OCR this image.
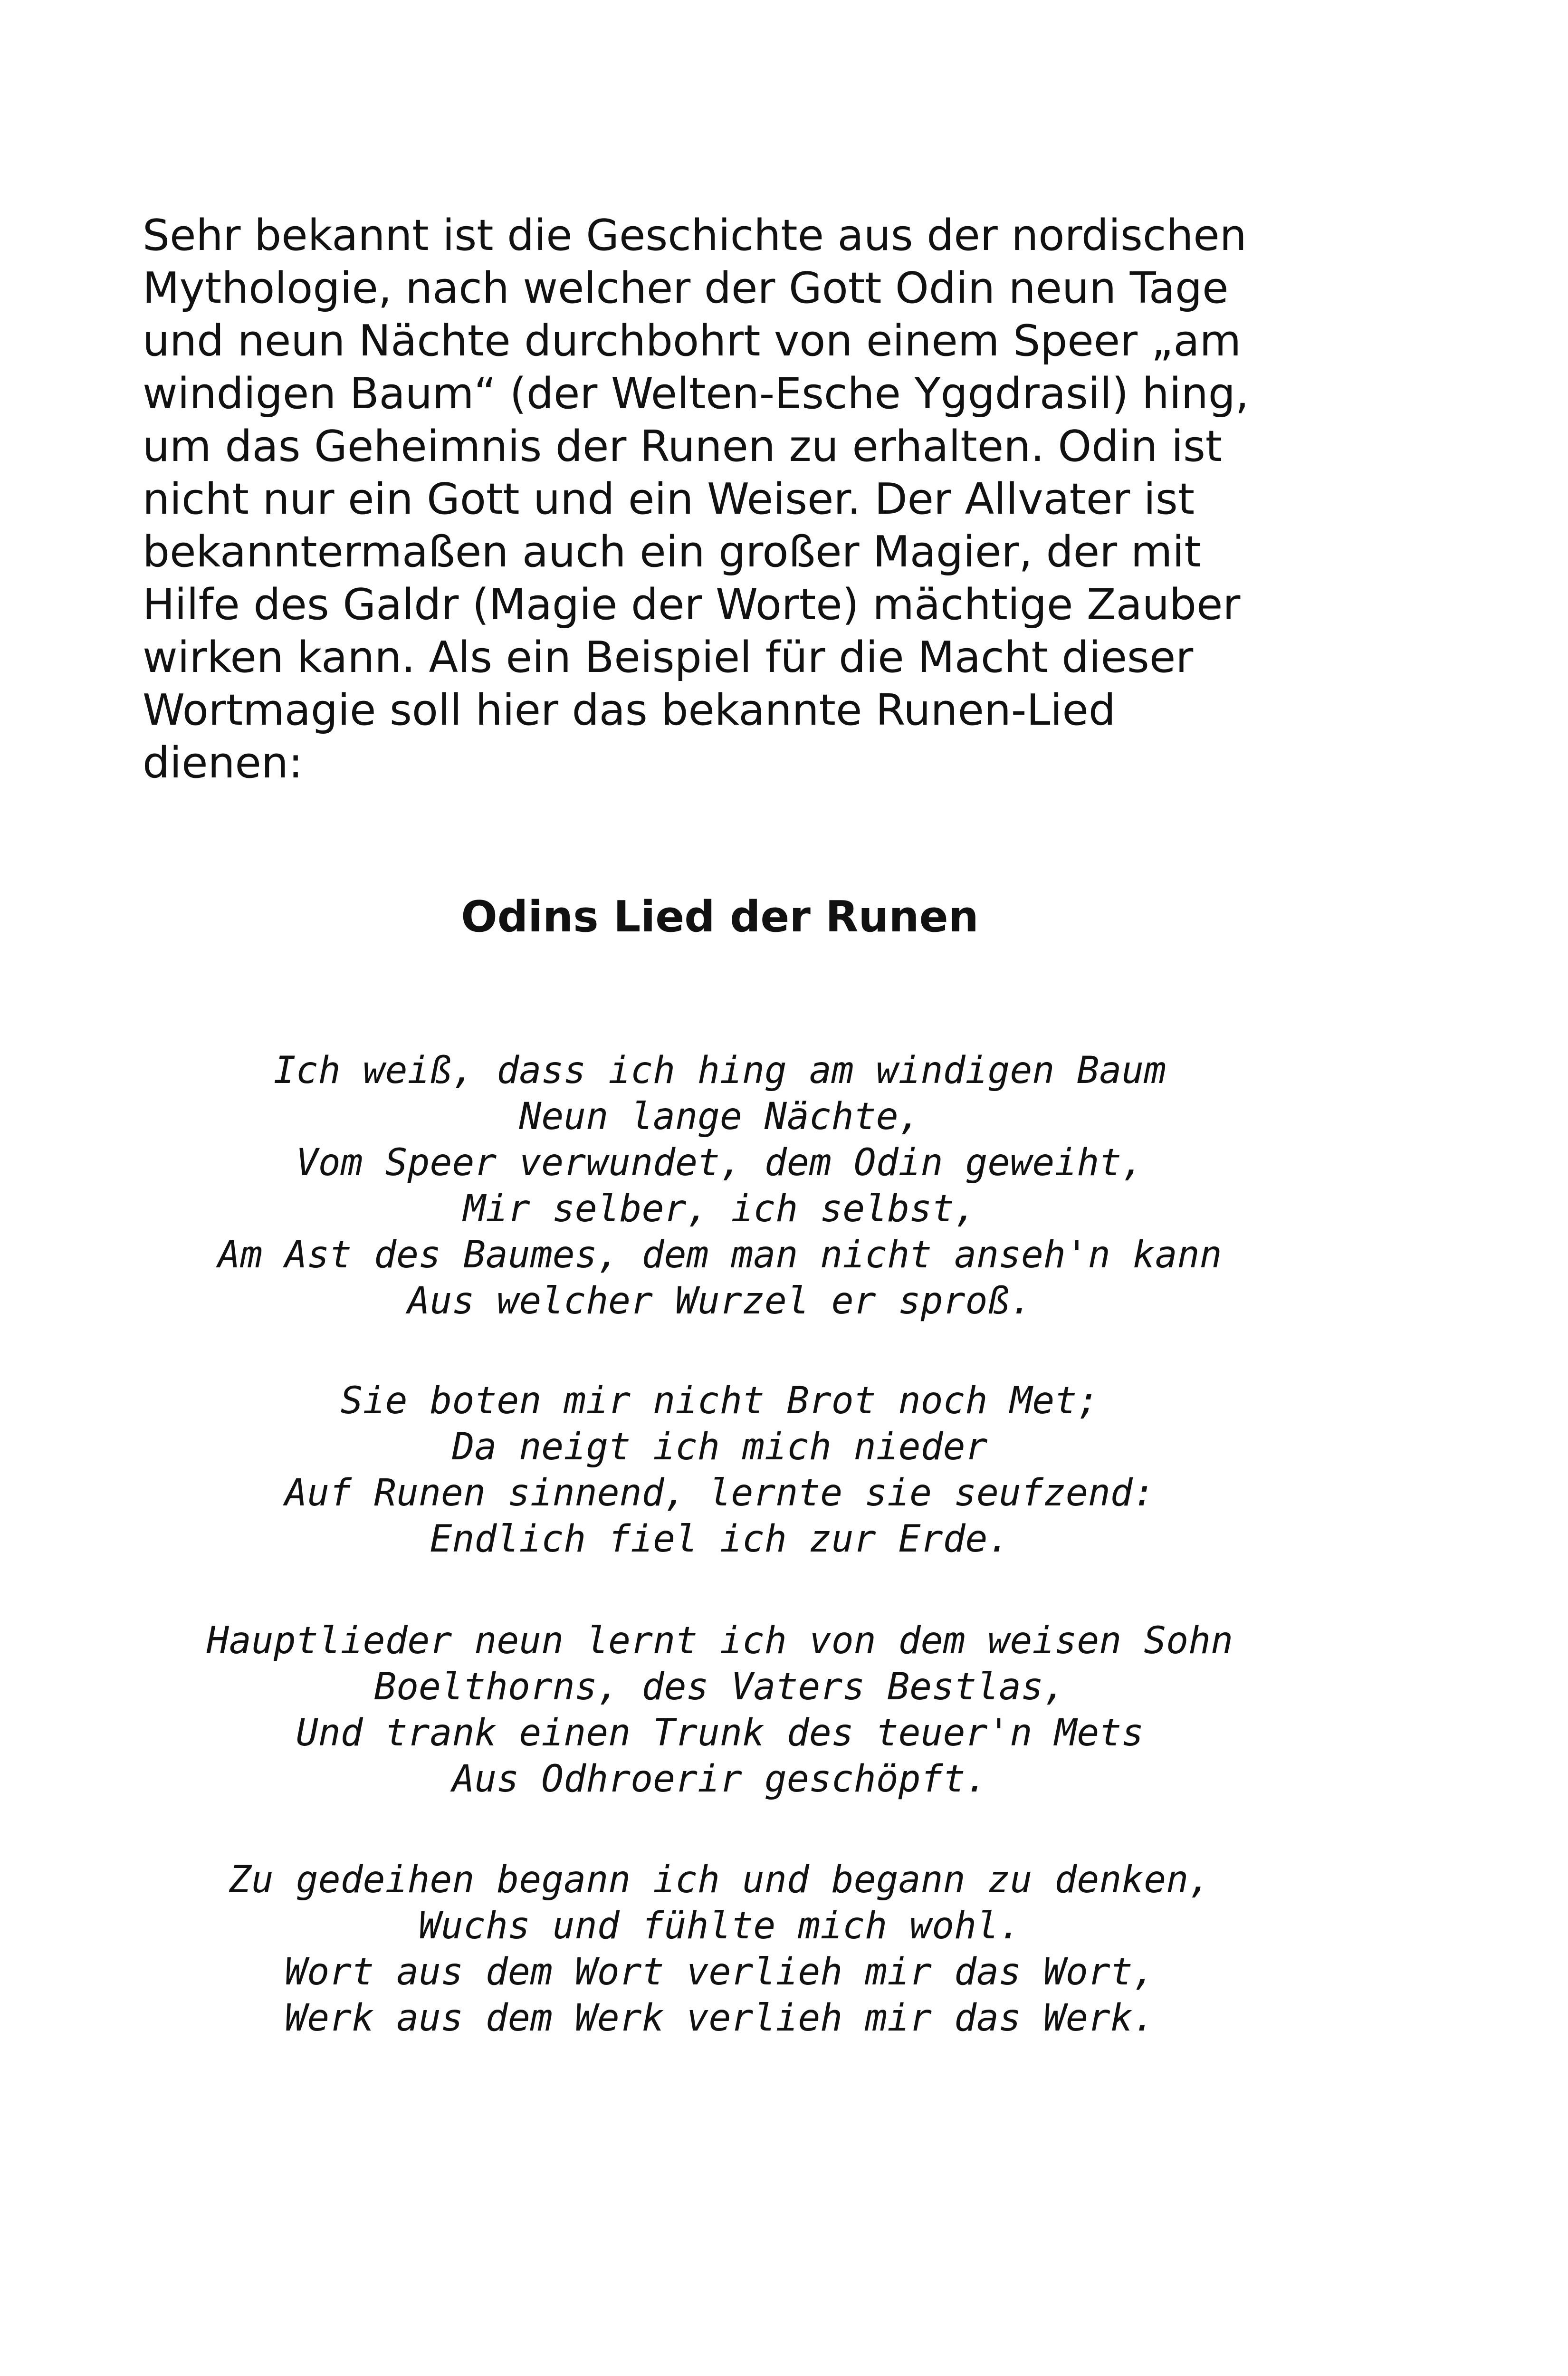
Sehr bekannt ist die Geschichte aus der nordischen
Mythologie, nach welcher der Gott Odin neun Tage
und neun Nächte durchbohrt von einem Speer „am
windigen Baum“ (der Welten-Esche Yggdrasil) hing,
um das Geheimnis der Runen zu erhalten. Odin ist
nicht nur ein Gott und ein Weiser. Der Allvater ist
bekanntermaßen auch ein großer Magier, der mit
Hilfe des Galdr (Magie der Worte) mächtige Zauber
wirken kann. Als ein Beispiel für die Macht dieser
Wortmagie soll hier das bekannte Runen-Lied
dienen:

Odins Lied der Runen

Ich weiß, dass ich hing am windigen Baum
Neun lange Nächte,
Vom Speer verwundet, dem Odin geweiht,
Mir selber, ich selbst,
Am Ast des Baumes, dem man nicht anseh'n kann
Aus welcher Wurzel er sproß.

Sie boten mir nicht Brot noch Met;
Da neigt ich mich nieder
Auf Runen sinnend, lernte sie seufzend:
Endlich fiel ich zur Erde.

Hauptlieder neun lernt ich von dem weisen Sohn
Boelthorns, des Vaters Bestlas,
Und trank einen Trunk des teuer'n Mets
Aus Odhroerir geschöpft.

Zu gedeihen begann ich und begann zu denken,
Wuchs und fühlte mich wohl.
Wort aus dem Wort verlieh mir das Wort,
Werk aus dem Werk verlieh mir das Werk.
